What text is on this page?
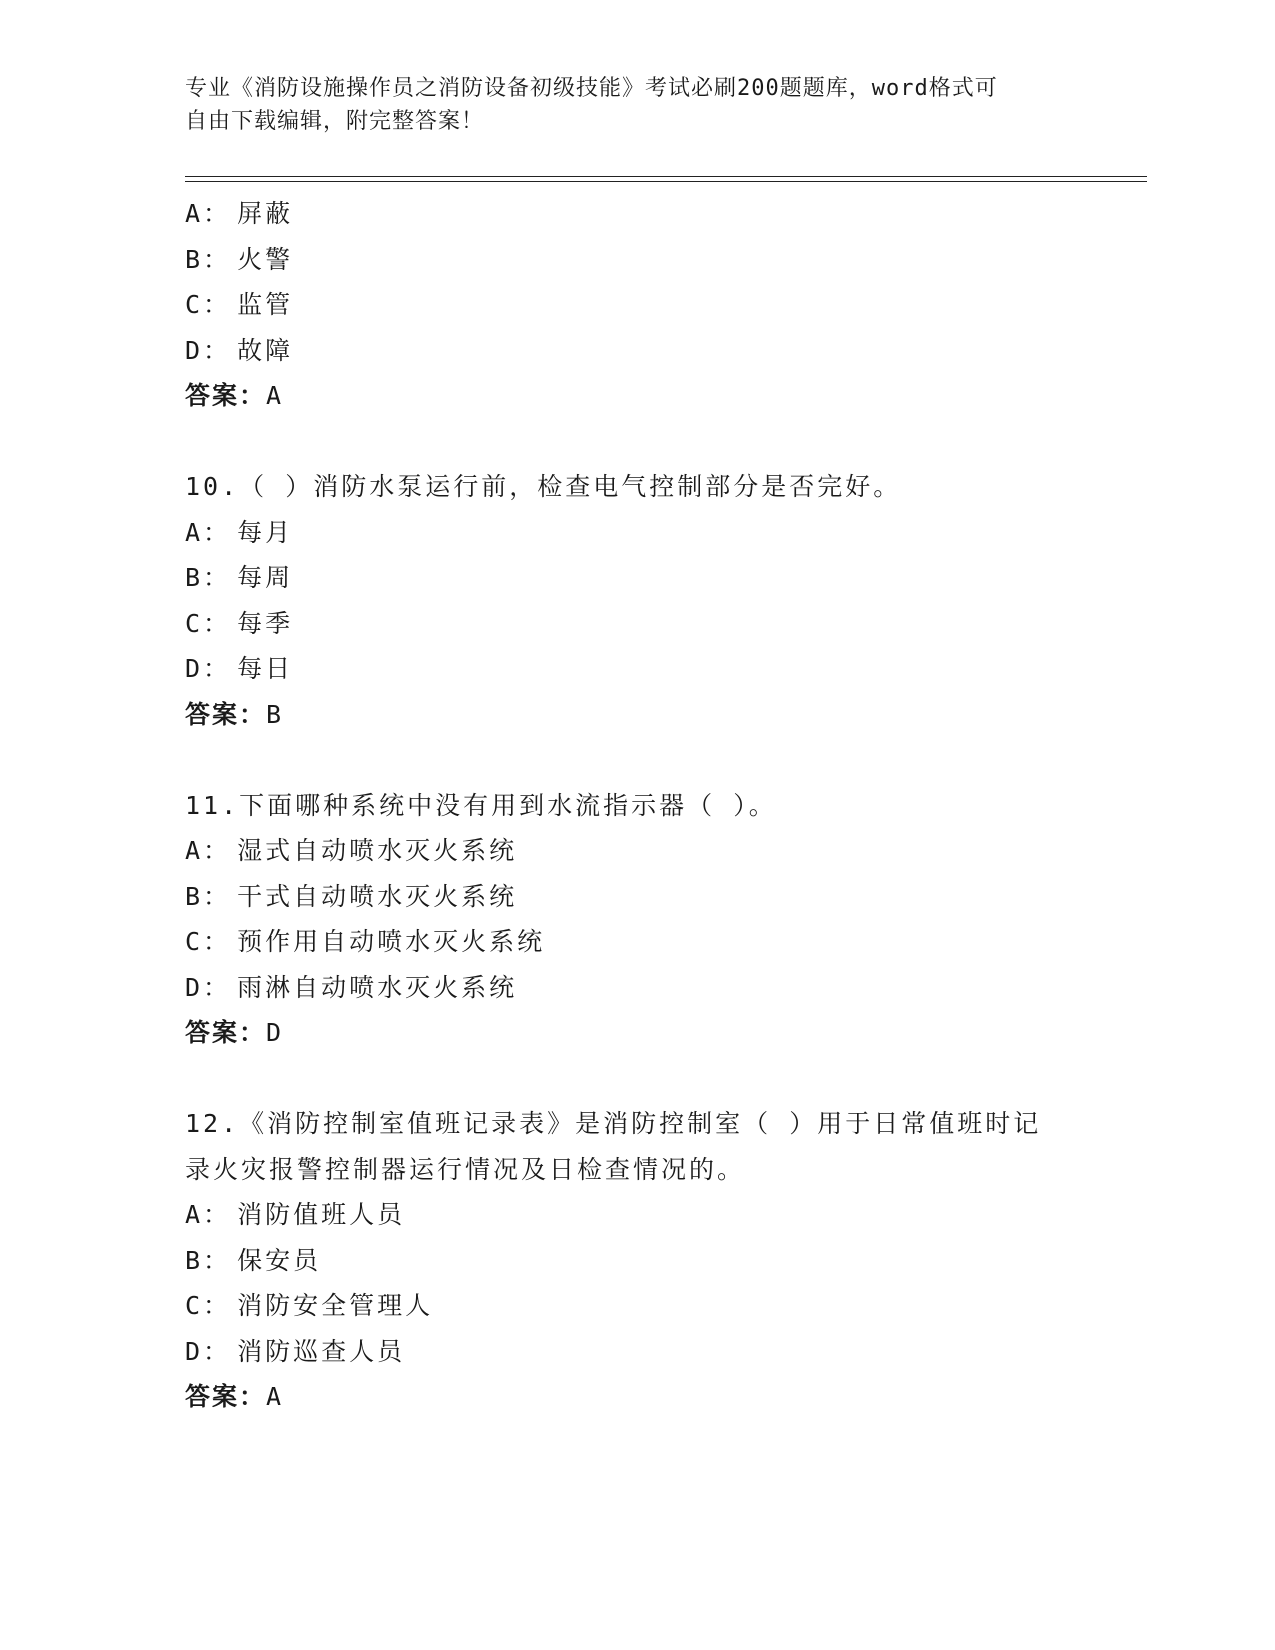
专业《消防设施操作员之消防设备初级技能》考试必刷200题题库，word格式可
自由下载编辑，附完整答案！
A： 屏蔽
B： 火警
C： 监管
D： 故障
答案：A
10.（ ）消防水泵运行前，检查电气控制部分是否完好。
A： 每月
B： 每周
C： 每季
D： 每日
答案：B
11.下面哪种系统中没有用到水流指示器（ ）。
A： 湿式自动喷水灭火系统
B： 干式自动喷水灭火系统
C： 预作用自动喷水灭火系统
D： 雨淋自动喷水灭火系统
答案：D
12.《消防控制室值班记录表》是消防控制室（ ）用于日常值班时记
录火灾报警控制器运行情况及日检查情况的。
A： 消防值班人员
B： 保安员
C： 消防安全管理人
D： 消防巡查人员
答案：A
